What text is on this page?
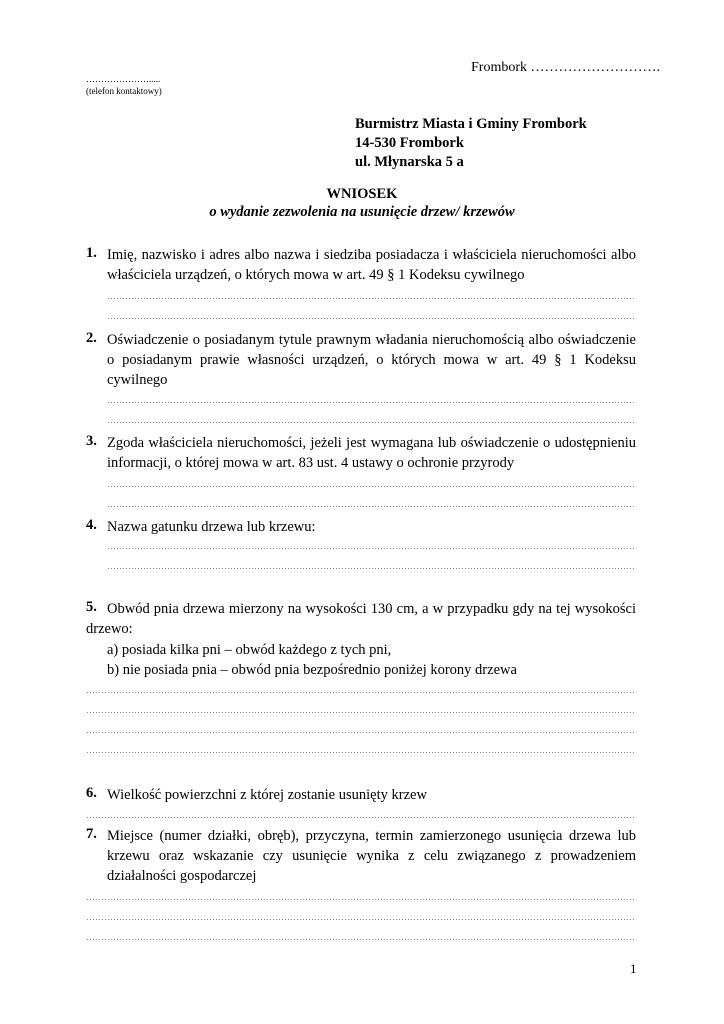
Frombork ……………………….
………………….....
(telefon kontaktowy)
Burmistrz Miasta i Gminy Frombork
14-530 Frombork
ul. Młynarska 5 a
WNIOSEK
o wydanie zezwolenia na usunięcie drzew/ krzewów
1. Imię, nazwisko i adres albo nazwa i siedziba posiadacza i właściciela nieruchomości albo
właściciela urządzeń, o których mowa w art. 49 § 1 Kodeksu cywilnego
2. Oświadczenie o posiadanym tytule prawnym władania nieruchomością albo oświadczenie
o posiadanym prawie własności urządzeń, o których mowa w art. 49 § 1 Kodeksu
cywilnego
3. Zgoda właściciela nieruchomości, jeżeli jest wymagana lub oświadczenie o udostępnieniu
informacji, o której mowa w art. 83 ust. 4 ustawy o ochronie przyrody
4. Nazwa gatunku drzewa lub krzewu:
5. Obwód pnia drzewa mierzony na wysokości 130 cm, a w przypadku gdy na tej wysokości
drzewo:
a) posiada kilka pni – obwód każdego z tych pni,
b) nie posiada pnia – obwód pnia bezpośrednio poniżej korony drzewa
6. Wielkość powierzchni z której zostanie usunięty krzew
7. Miejsce (numer działki, obręb), przyczyna, termin zamierzonego usunięcia drzewa lub
krzewu oraz wskazanie czy usunięcie wynika z celu związanego z prowadzeniem
działalności gospodarczej
1
